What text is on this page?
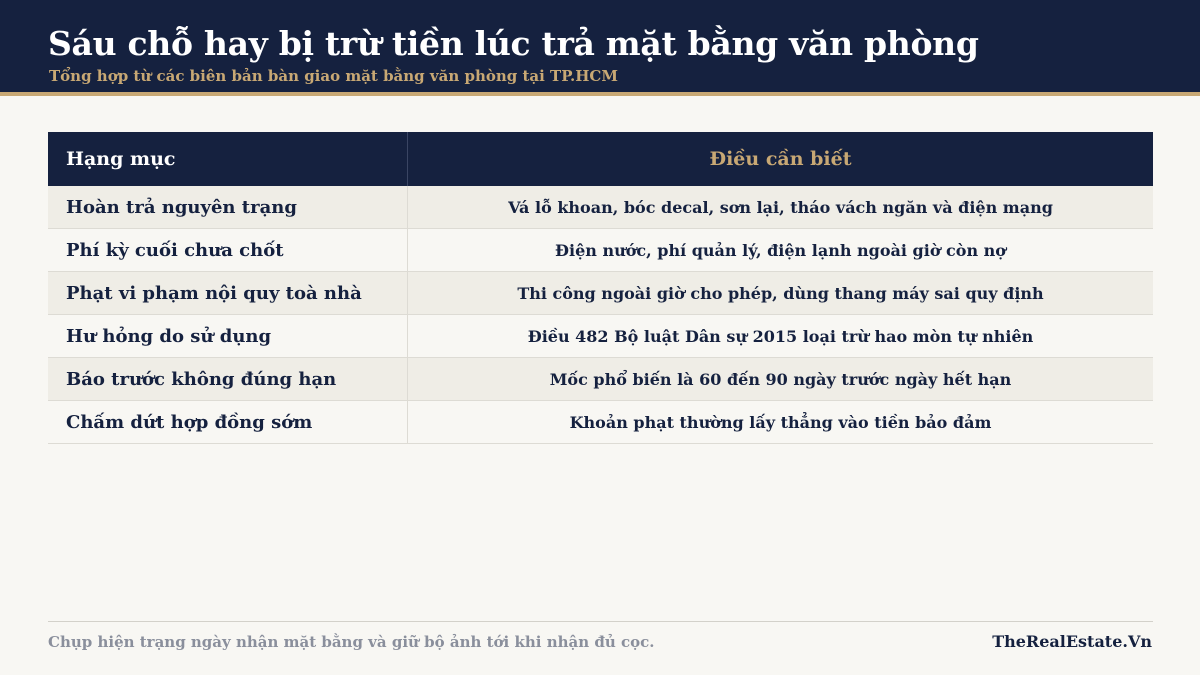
Sáu chỗ hay bị trừ tiền lúc trả mặt bằng văn phòng
Tổng hợp từ các biên bản bàn giao mặt bằng văn phòng tại TP.HCM
Hạng mục	Điều cần biết
Hoàn trả nguyên trạng	Vá lỗ khoan, bóc decal, sơn lại, tháo vách ngăn và điện mạng
Phí kỳ cuối chưa chốt	Điện nước, phí quản lý, điện lạnh ngoài giờ còn nợ
Phạt vi phạm nội quy toà nhà	Thi công ngoài giờ cho phép, dùng thang máy sai quy định
Hư hỏng do sử dụng	Điều 482 Bộ luật Dân sự 2015 loại trừ hao mòn tự nhiên
Báo trước không đúng hạn	Mốc phổ biến là 60 đến 90 ngày trước ngày hết hạn
Chấm dứt hợp đồng sớm	Khoản phạt thường lấy thẳng vào tiền bảo đảm
Chụp hiện trạng ngày nhận mặt bằng và giữ bộ ảnh tới khi nhận đủ cọc.	TheRealEstate.Vn
